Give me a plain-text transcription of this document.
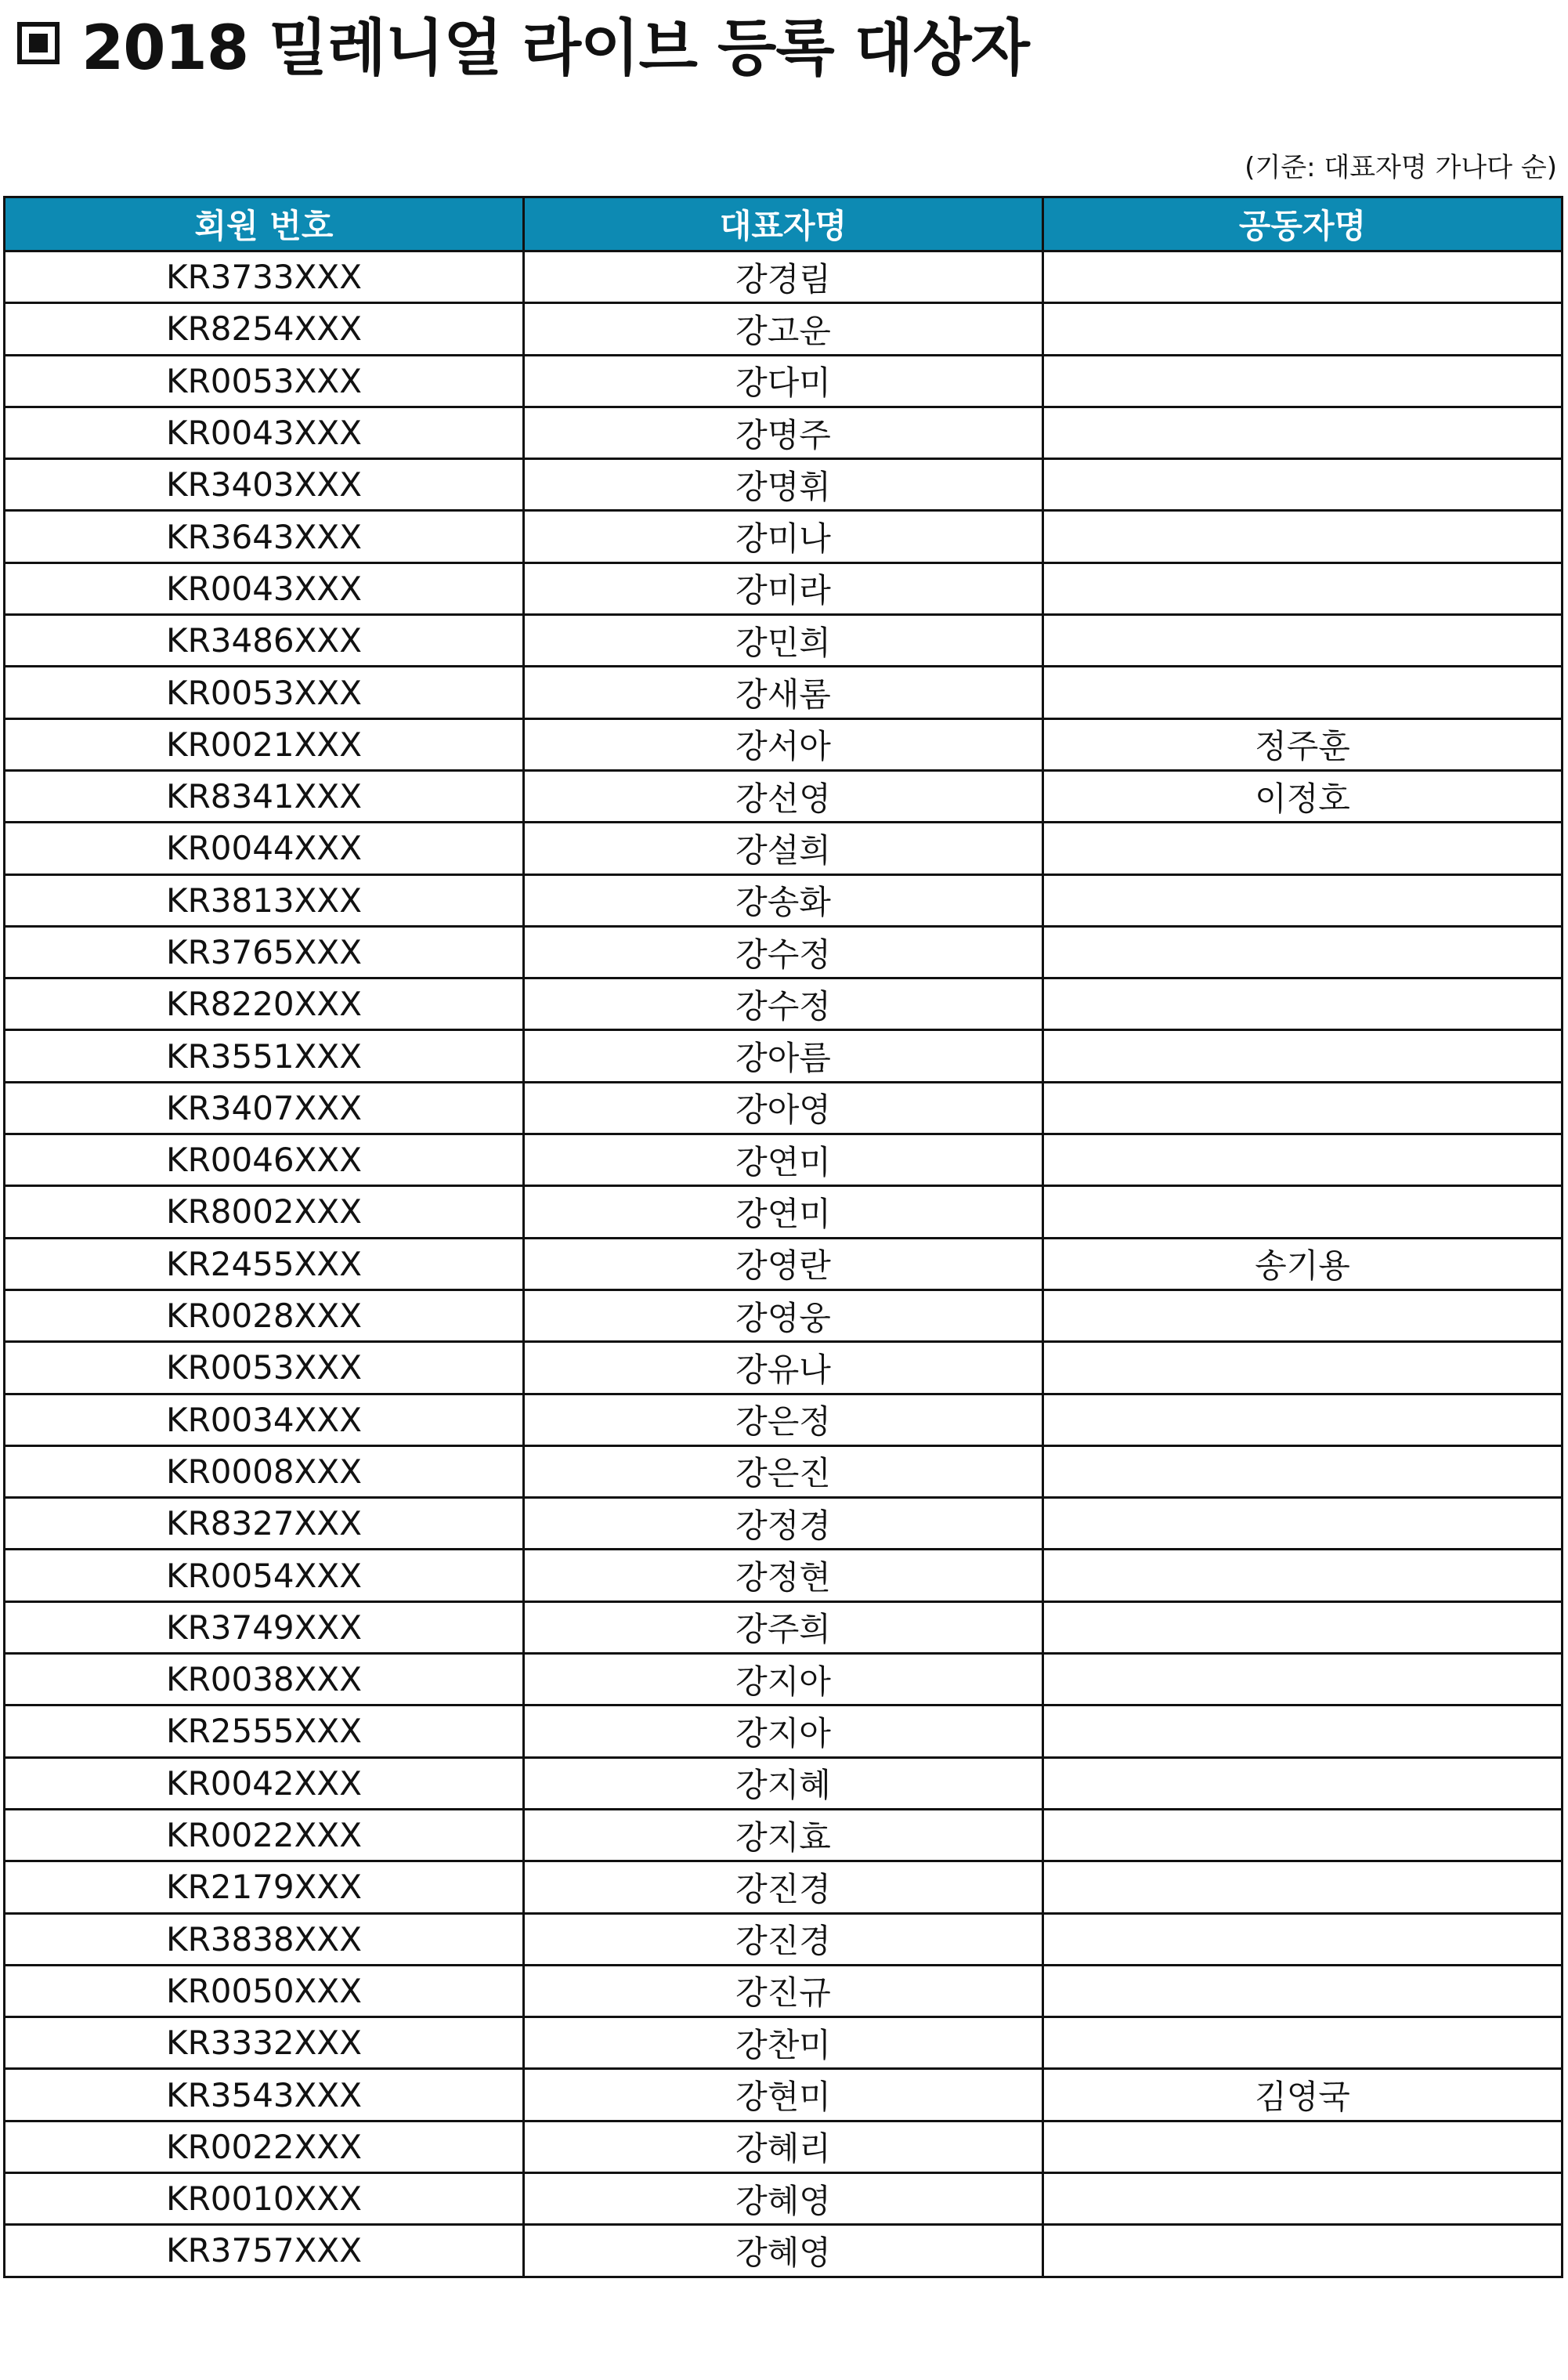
2018 밀레니얼 라이브 등록 대상자
(기준: 대표자명 가나다 순)
회원 번호	대표자명	공동자명
KR3733XXX	강경림	
KR8254XXX	강고운	
KR0053XXX	강다미	
KR0043XXX	강명주	
KR3403XXX	강명휘	
KR3643XXX	강미나	
KR0043XXX	강미라	
KR3486XXX	강민희	
KR0053XXX	강새롬	
KR0021XXX	강서아	정주훈
KR8341XXX	강선영	이정호
KR0044XXX	강설희	
KR3813XXX	강송화	
KR3765XXX	강수정	
KR8220XXX	강수정	
KR3551XXX	강아름	
KR3407XXX	강아영	
KR0046XXX	강연미	
KR8002XXX	강연미	
KR2455XXX	강영란	송기용
KR0028XXX	강영웅	
KR0053XXX	강유나	
KR0034XXX	강은정	
KR0008XXX	강은진	
KR8327XXX	강정경	
KR0054XXX	강정현	
KR3749XXX	강주희	
KR0038XXX	강지아	
KR2555XXX	강지아	
KR0042XXX	강지혜	
KR0022XXX	강지효	
KR2179XXX	강진경	
KR3838XXX	강진경	
KR0050XXX	강진규	
KR3332XXX	강찬미	
KR3543XXX	강현미	김영국
KR0022XXX	강혜리	
KR0010XXX	강혜영	
KR3757XXX	강혜영	
